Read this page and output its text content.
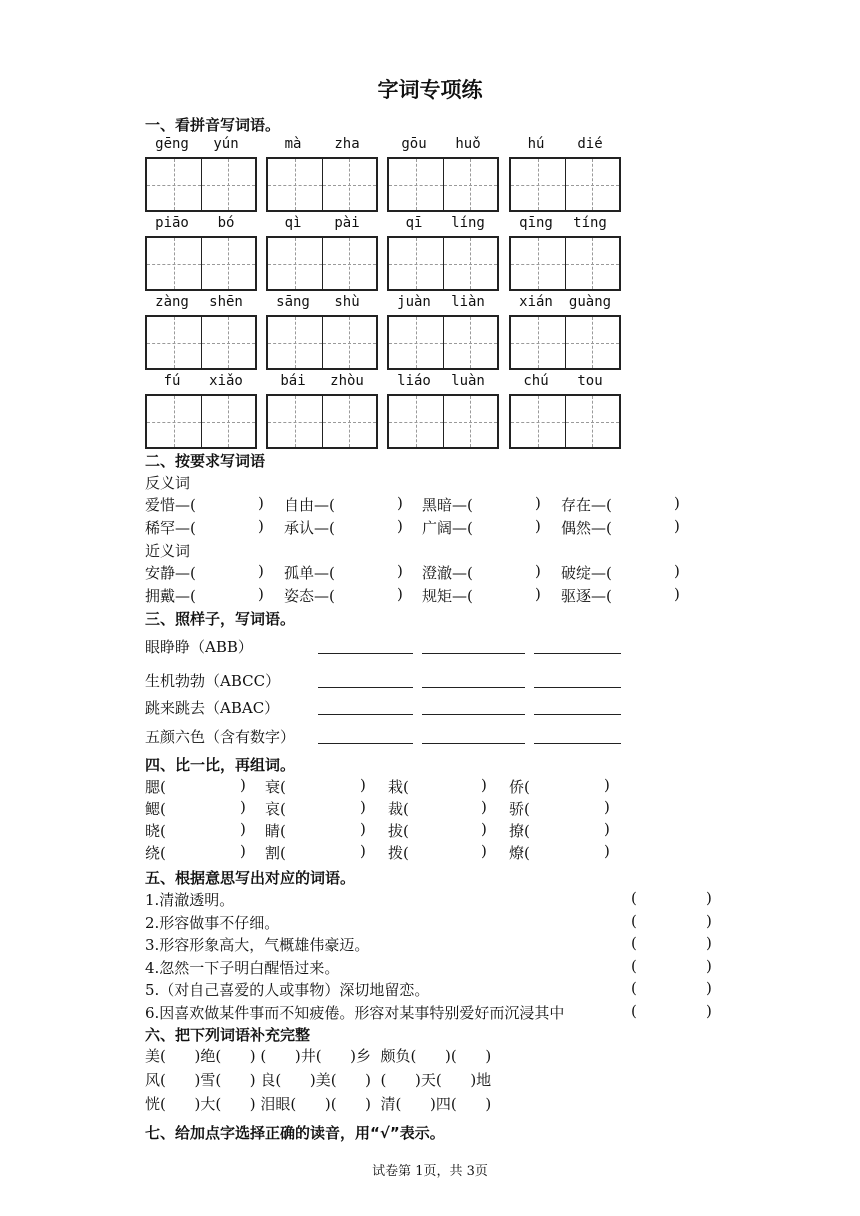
字词专项练
一、看拼音写词语。
gēng	yún	mà	zha	gōu	huǒ	hú	dié
piāo	bó	qì	pài	qī	líng	qīng	tíng
zàng	shēn	sāng	shù	juàn	liàn	xián	guàng
fú	xiǎo	bái	zhòu	liáo	luàn	chú	tou
二、按要求写词语
反义词
爱惜—(	) 自由—(	) 黑暗—(	) 存在—(	)
稀罕—(	) 承认—(	) 广阔—(	) 偶然—(	)
近义词
安静—(	) 孤单—(	) 澄澈—(	) 破绽—(	)
拥戴—(	) 姿态—(	) 规矩—(	) 驱逐—(	)
三、照样子，写词语。
眼睁睁（ABB）
生机勃勃（ABCC）
跳来跳去（ABAC）
五颜六色（含有数字）
四、比一比，再组词。
腮(	) 衰(	) 栽(	) 侨(	)
鳃(	) 哀(	) 裁(	) 骄(	)
晓(	) 睛(	) 拔(	) 撩(	)
绕(	) 割(	) 拨(	) 燎(	)
五、根据意思写出对应的词语。
1.清澈透明。	(	)
2.形容做事不仔细。	(	)
3.形容形象高大，气概雄伟豪迈。	(	)
4.忽然一下子明白醒悟过来。	(	)
5.（对自己喜爱的人或事物）深切地留恋。	(	)
6.因喜欢做某件事而不知疲倦。形容对某事特别爱好而沉浸其中	(	)
六、把下列词语补充完整
美(      )绝(      ) (      )井(      )乡  颇负(      )(      )
风(      )雪(      ) 良(      )美(      )  (      )天(      )地
恍(      )大(      ) 泪眼(      )(      )  清(      )四(      )
七、给加点字选择正确的读音，用“√”表示。
试卷第 1页，共 3页
